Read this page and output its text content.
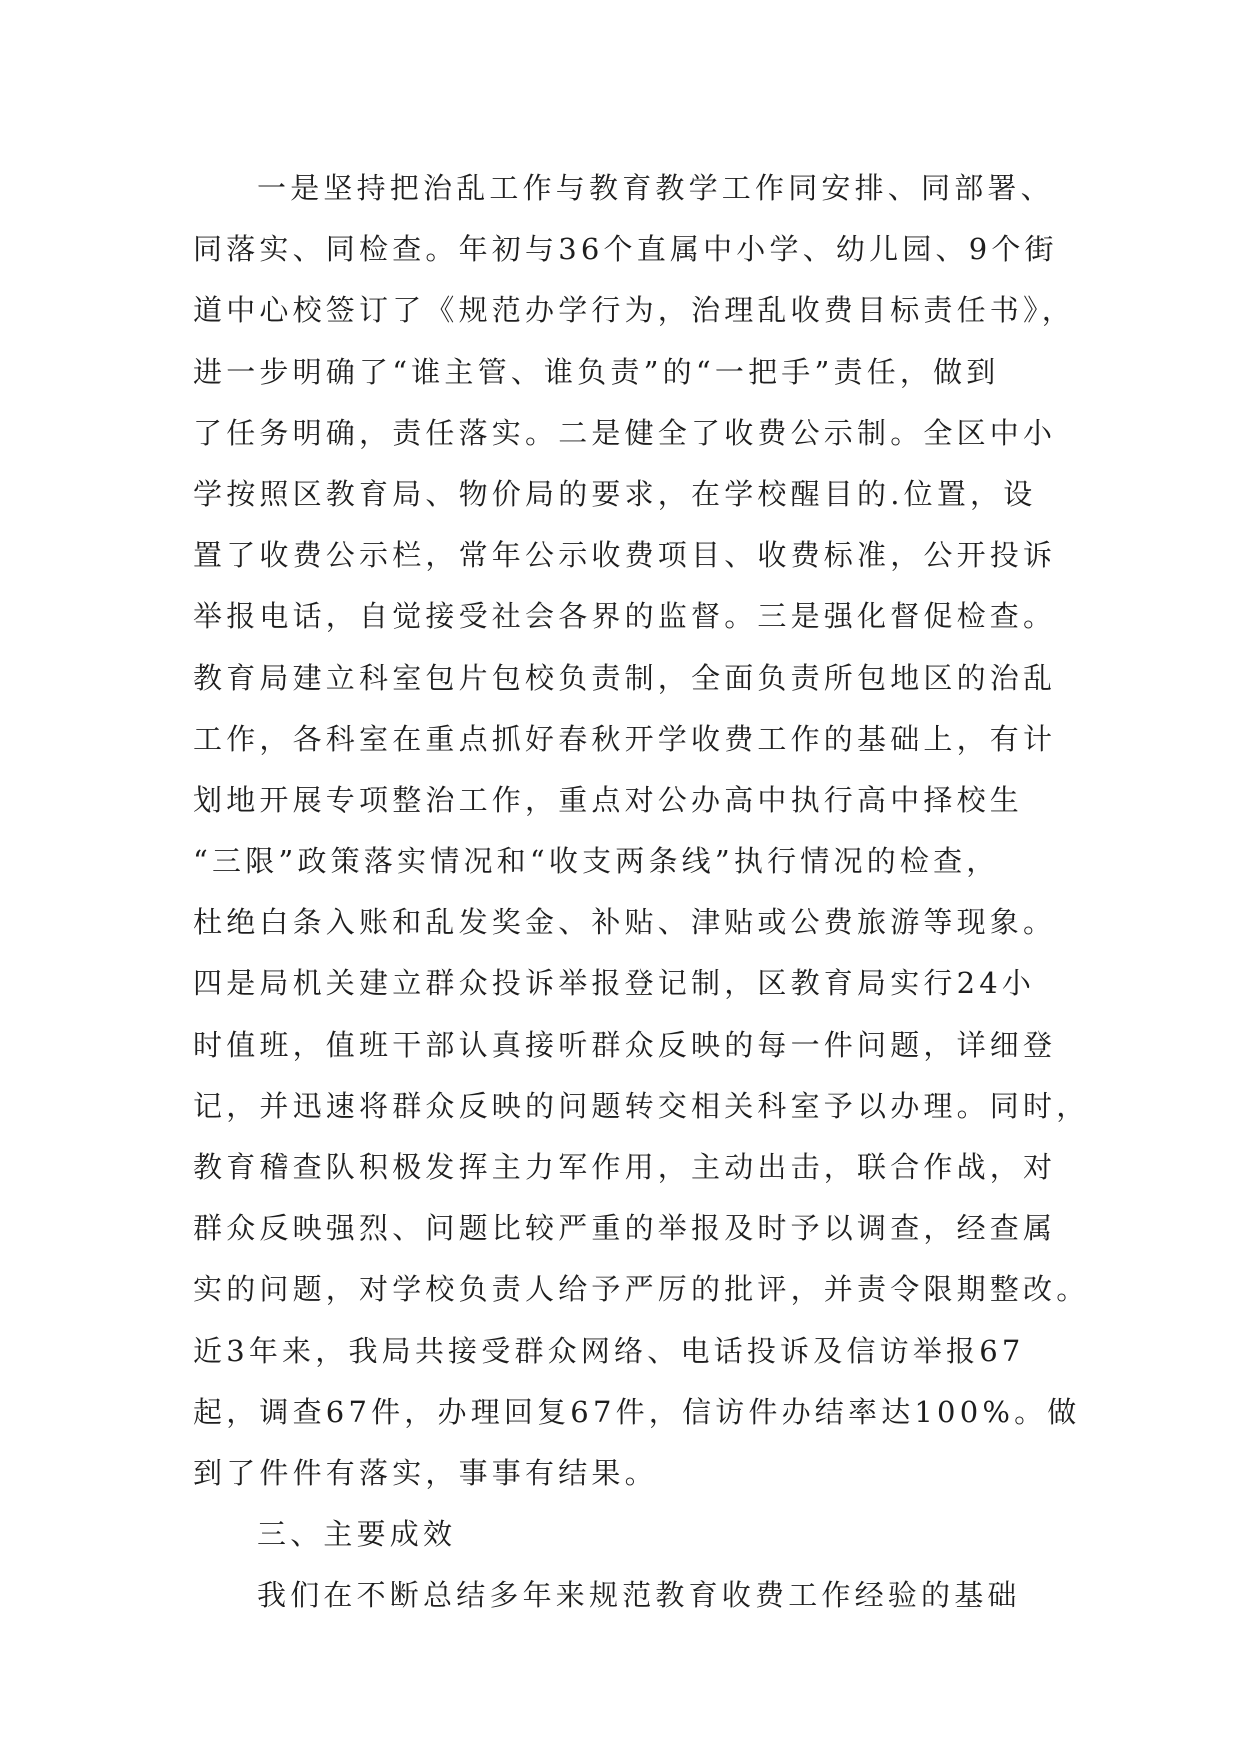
一是坚持把治乱工作与教育教学工作同安排、同部署、
同落实、同检查。年初与36个直属中小学、幼儿园、9个街
道中心校签订了《规范办学行为，治理乱收费目标责任书》，
进一步明确了“谁主管、谁负责”的“一把手”责任，做到
了任务明确，责任落实。二是健全了收费公示制。全区中小
学按照区教育局、物价局的要求，在学校醒目的.位置，设
置了收费公示栏，常年公示收费项目、收费标准，公开投诉
举报电话，自觉接受社会各界的监督。三是强化督促检查。
教育局建立科室包片包校负责制，全面负责所包地区的治乱
工作，各科室在重点抓好春秋开学收费工作的基础上，有计
划地开展专项整治工作，重点对公办高中执行高中择校生
“三限”政策落实情况和“收支两条线”执行情况的检查，
杜绝白条入账和乱发奖金、补贴、津贴或公费旅游等现象。
四是局机关建立群众投诉举报登记制，区教育局实行24小
时值班，值班干部认真接听群众反映的每一件问题，详细登
记，并迅速将群众反映的问题转交相关科室予以办理。同时，
教育稽查队积极发挥主力军作用，主动出击，联合作战，对
群众反映强烈、问题比较严重的举报及时予以调查，经查属
实的问题，对学校负责人给予严厉的批评，并责令限期整改。
近3年来，我局共接受群众网络、电话投诉及信访举报67
起，调查67件，办理回复67件，信访件办结率达100%。做
到了件件有落实，事事有结果。
三、主要成效
我们在不断总结多年来规范教育收费工作经验的基础
